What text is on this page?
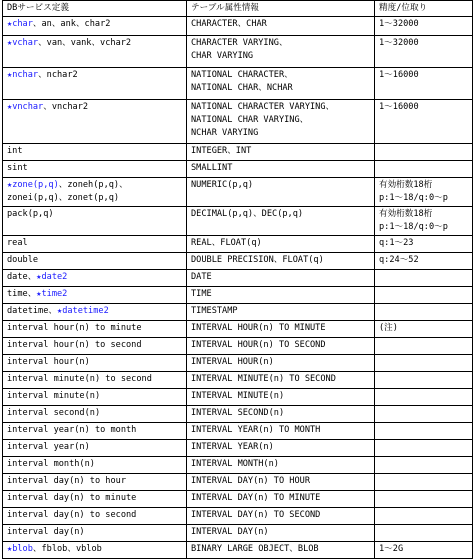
DBサービス定義	テーブル属性情報	精度/位取り

★char、an、ank、char2	CHARACTER、CHAR	1〜32000

★vchar、van、vank、vchar2	CHARACTER VARYING、
CHAR VARYING	1〜32000

★nchar、nchar2	NATIONAL CHARACTER、
NATIONAL CHAR、NCHAR	1〜16000

★vnchar、vnchar2	NATIONAL CHARACTER VARYING、
NATIONAL CHAR VARYING、
NCHAR VARYING	1〜16000

int	INTEGER、INT	

sint	SMALLINT	

★zone(p,q)、zoneh(p,q)、
zonei(p,q)、zonet(p,q)	NUMERIC(p,q)	有効桁数18桁
p:1〜18/q:0〜p

pack(p,q)	DECIMAL(p,q)、DEC(p,q)	有効桁数18桁
p:1〜18/q:0〜p

real	REAL、FLOAT(q)	q:1〜23

double	DOUBLE PRECISION、FLOAT(q)	q:24〜52

date、★date2	DATE	

time、★time2	TIME	

datetime、★datetime2	TIMESTAMP	

interval hour(n) to minute	INTERVAL HOUR(n) TO MINUTE	(注)

interval hour(n) to second	INTERVAL HOUR(n) TO SECOND	

interval hour(n)	INTERVAL HOUR(n)	

interval minute(n) to second	INTERVAL MINUTE(n) TO SECOND	

interval minute(n)	INTERVAL MINUTE(n)	

interval second(n)	INTERVAL SECOND(n)	

interval year(n) to month	INTERVAL YEAR(n) TO MONTH	

interval year(n)	INTERVAL YEAR(n)	

interval month(n)	INTERVAL MONTH(n)	

interval day(n) to hour	INTERVAL DAY(n) TO HOUR	

interval day(n) to minute	INTERVAL DAY(n) TO MINUTE	

interval day(n) to second	INTERVAL DAY(n) TO SECOND	

interval day(n)	INTERVAL DAY(n)	

★blob、fblob、vblob	BINARY LARGE OBJECT、BLOB	1〜2G
